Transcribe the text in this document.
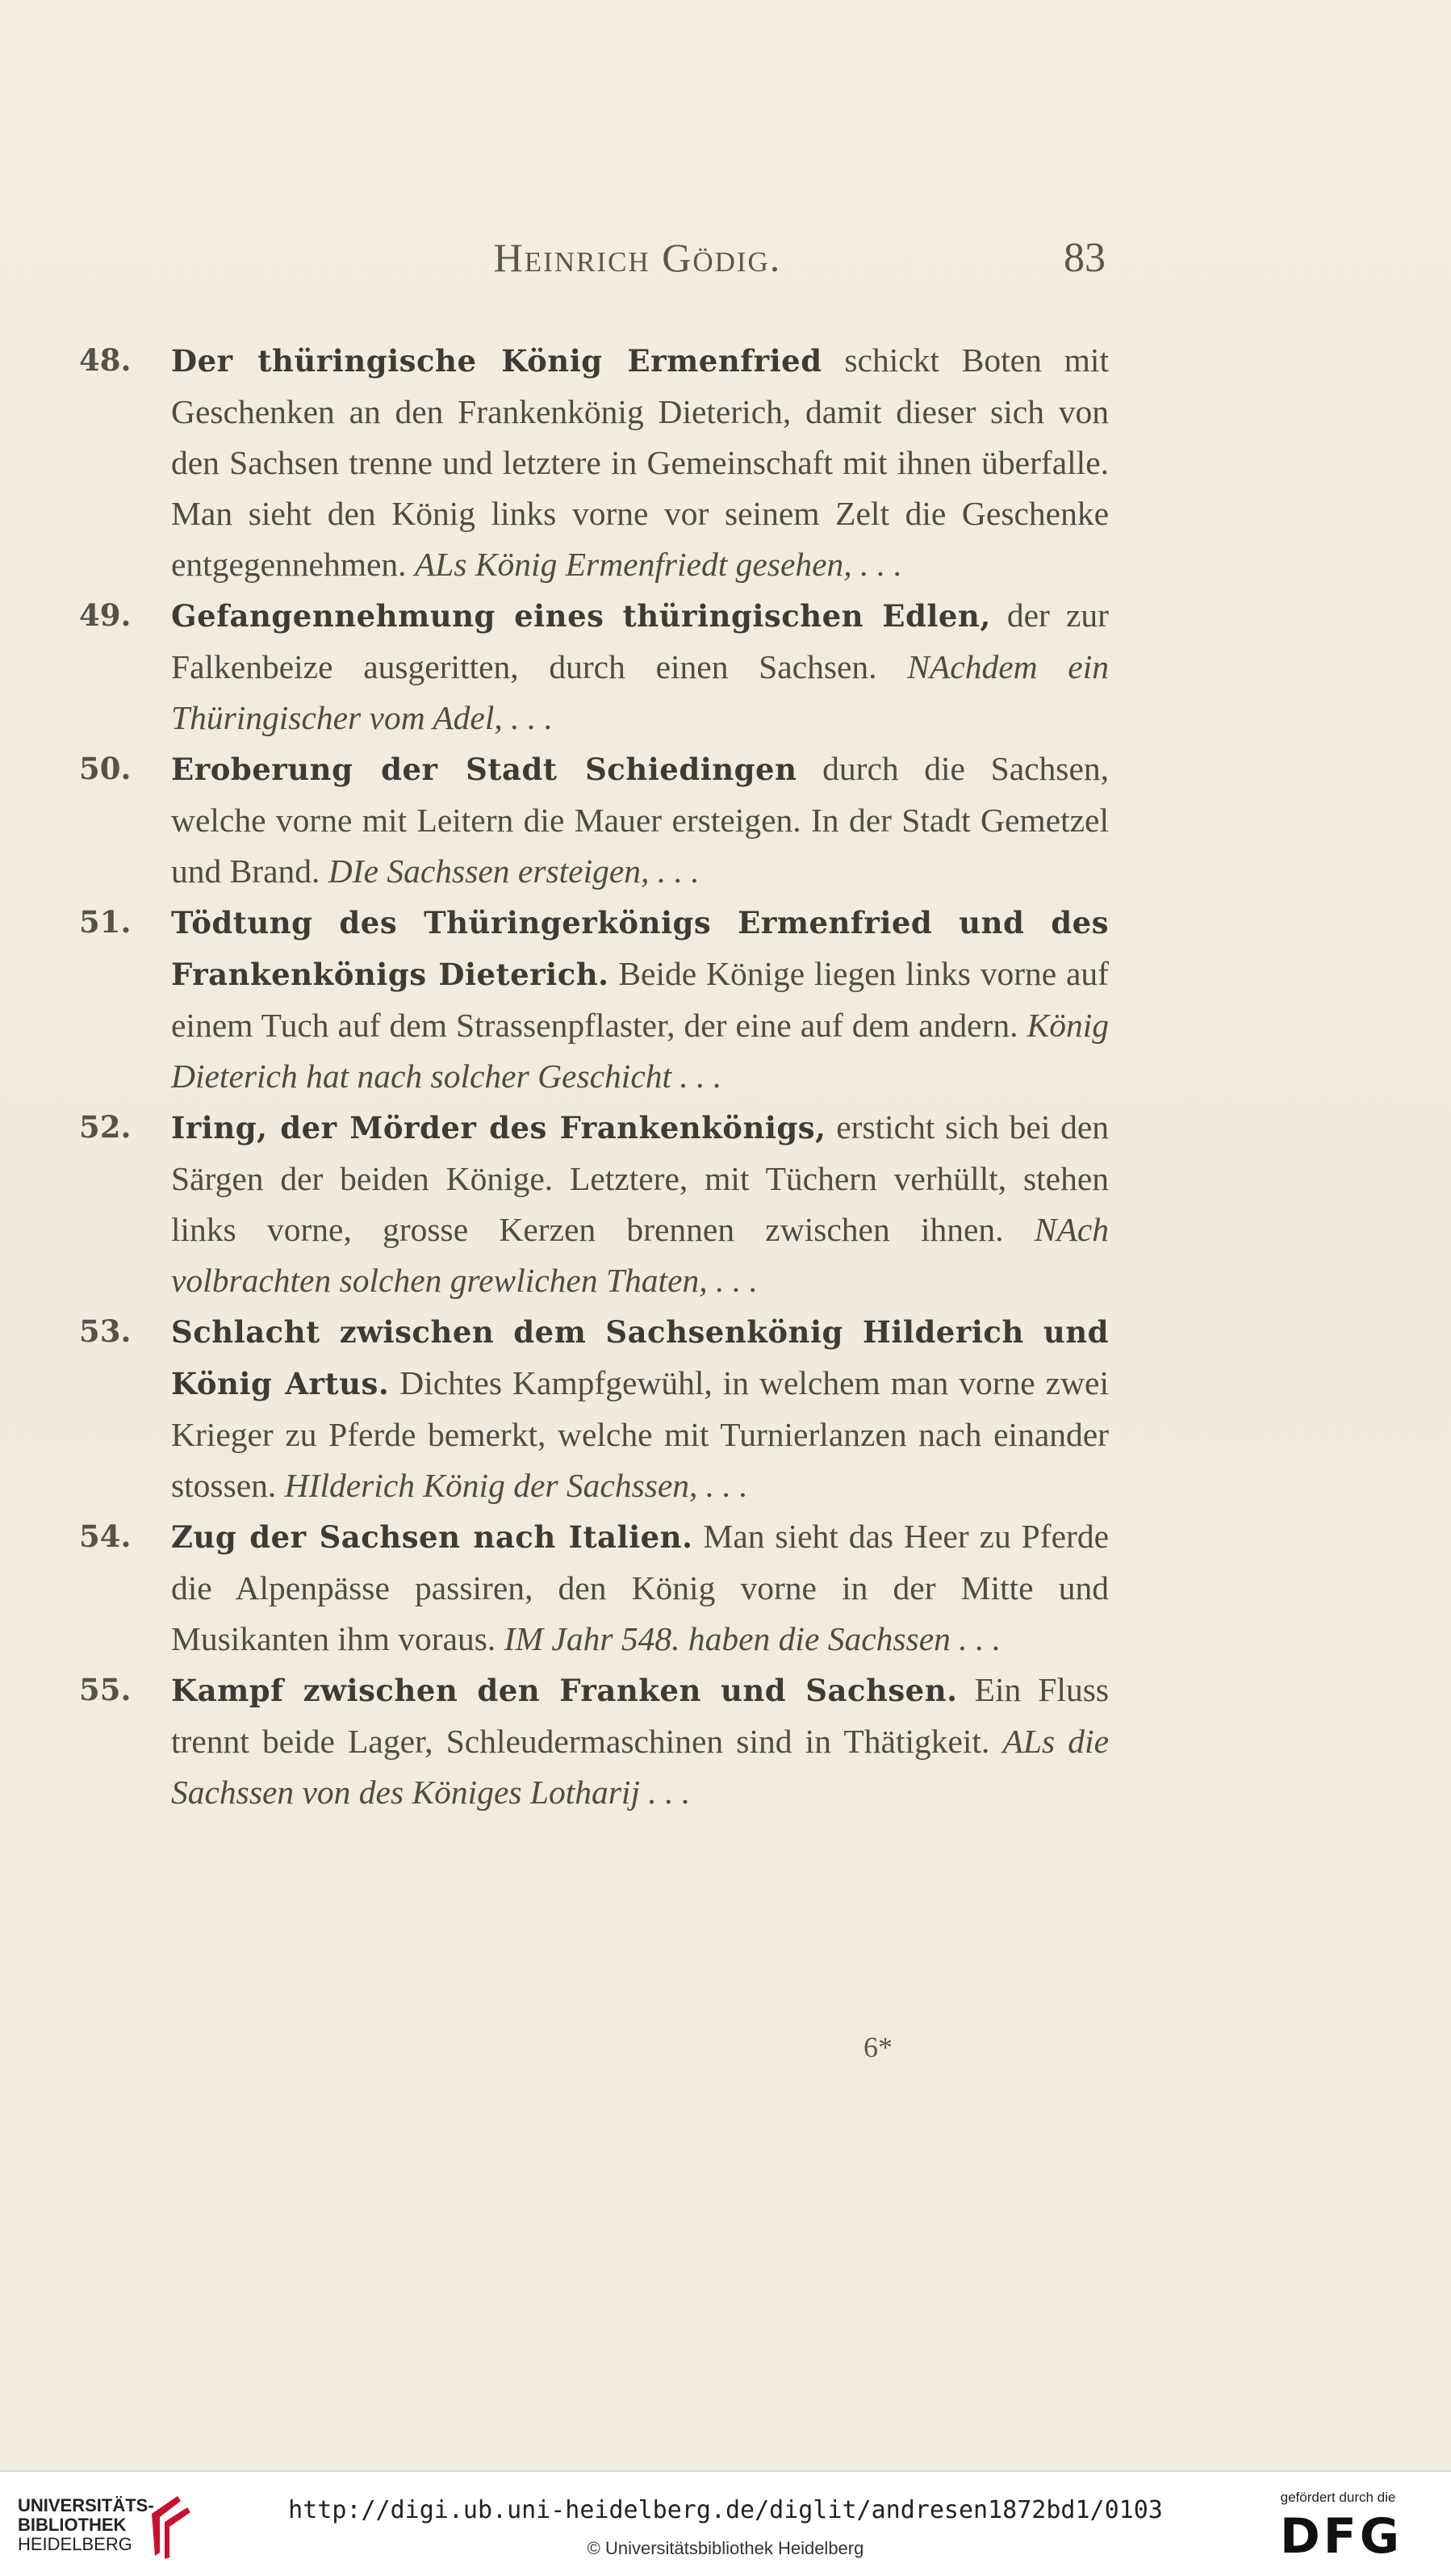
Heinrich Gödig.	83
48. Der thüringische König Ermenfried schickt Boten mit Geschenken an den Frankenkönig Dieterich, damit dieser sich von den Sachsen trenne und letztere in Gemeinschaft mit ihnen überfalle. Man sieht den König links vorne vor seinem Zelt die Geschenke entgegennehmen. ALs König Ermenfriedt gesehen, . . .
49. Gefangennehmung eines thüringischen Edlen, der zur Falkenbeize ausgeritten, durch einen Sachsen. NAchdem ein Thüringischer vom Adel, . . .
50. Eroberung der Stadt Schiedingen durch die Sachsen, welche vorne mit Leitern die Mauer ersteigen. In der Stadt Gemetzel und Brand. DIe Sachssen ersteigen, . . .
51. Tödtung des Thüringerkönigs Ermenfried und des Frankenkönigs Dieterich. Beide Könige liegen links vorne auf einem Tuch auf dem Strassenpflaster, der eine auf dem andern. König Dieterich hat nach solcher Geschicht . . .
52. Iring, der Mörder des Frankenkönigs, ersticht sich bei den Särgen der beiden Könige. Letztere, mit Tüchern verhüllt, stehen links vorne, grosse Kerzen brennen zwischen ihnen. NAch volbrachten solchen grewlichen Thaten, . . .
53. Schlacht zwischen dem Sachsenkönig Hilderich und König Artus. Dichtes Kampfgewühl, in welchem man vorne zwei Krieger zu Pferde bemerkt, welche mit Turnierlanzen nach einander stossen. HIlderich König der Sachssen, . . .
54. Zug der Sachsen nach Italien. Man sieht das Heer zu Pferde die Alpenpässe passiren, den König vorne in der Mitte und Musikanten ihm voraus. IM Jahr 548. haben die Sachssen . . .
55. Kampf zwischen den Franken und Sachsen. Ein Fluss trennt beide Lager, Schleudermaschinen sind in Thätigkeit. ALs die Sachssen von des Königes Lotharij . . .
6*
UNIVERSITÄTS-
BIBLIOTHEK
HEIDELBERG
http://digi.ub.uni-heidelberg.de/diglit/andresen1872bd1/0103
© Universitätsbibliothek Heidelberg
gefördert durch die
DFG
